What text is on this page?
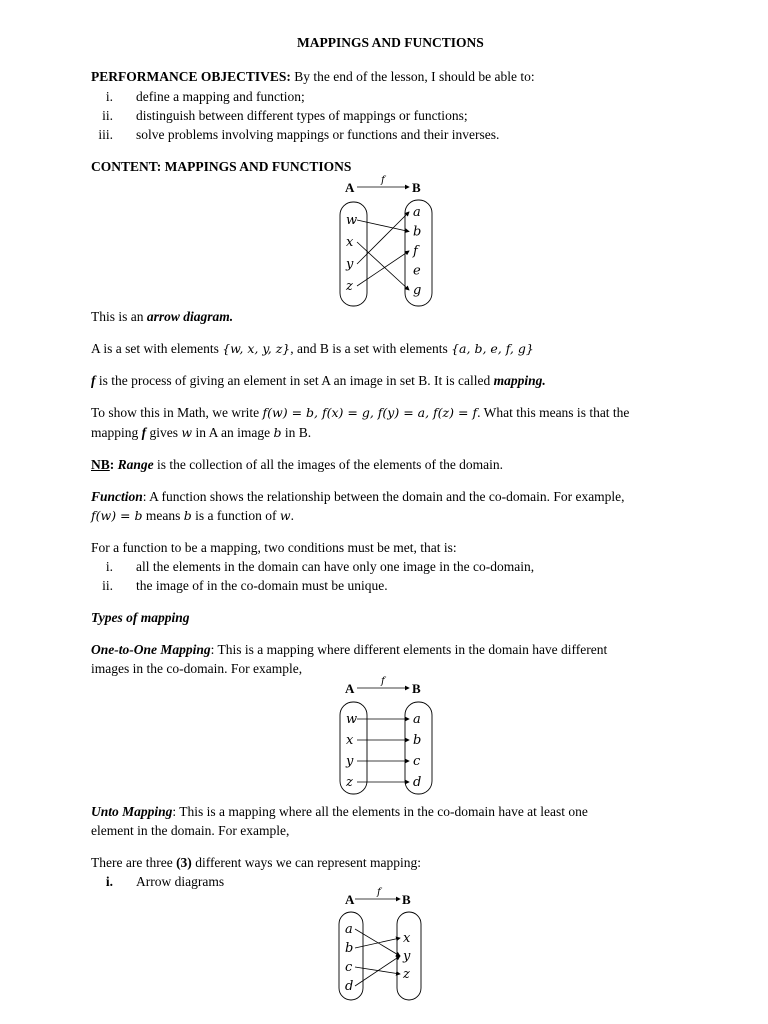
MAPPINGS AND FUNCTIONS
PERFORMANCE OBJECTIVES: By the end of the lesson, I should be able to:
i. define a mapping and function;
ii. distinguish between different types of mappings or functions;
iii. solve problems involving mappings or functions and their inverses.
CONTENT: MAPPINGS AND FUNCTIONS
A	B
f
w
x
y
z
a
b
f
e
g
This is an arrow diagram.
A is a set with elements {w, x, y, z}, and B is a set with elements {a, b, e, f, g}
f is the process of giving an element in set A an image in set B. It is called mapping.
To show this in Math, we write f(w) = b, f(x) = g, f(y) = a, f(z) = f. What this means is that the
mapping f gives w in A an image b in B.
NB: Range is the collection of all the images of the elements of the domain.
Function: A function shows the relationship between the domain and the co-domain. For example,
f(w) = b means b is a function of w.
For a function to be a mapping, two conditions must be met, that is:
i. all the elements in the domain can have only one image in the co-domain,
ii. the image of in the co-domain must be unique.
Types of mapping
One-to-One Mapping: This is a mapping where different elements in the domain have different
images in the co-domain. For example,
A	B
f
w
x
y
z
a
b
c
d
Unto Mapping: This is a mapping where all the elements in the co-domain have at least one
element in the domain. For example,
There are three (3) different ways we can represent mapping:
i. Arrow diagrams
A	B
f
a
b
c
d
x
y
z
